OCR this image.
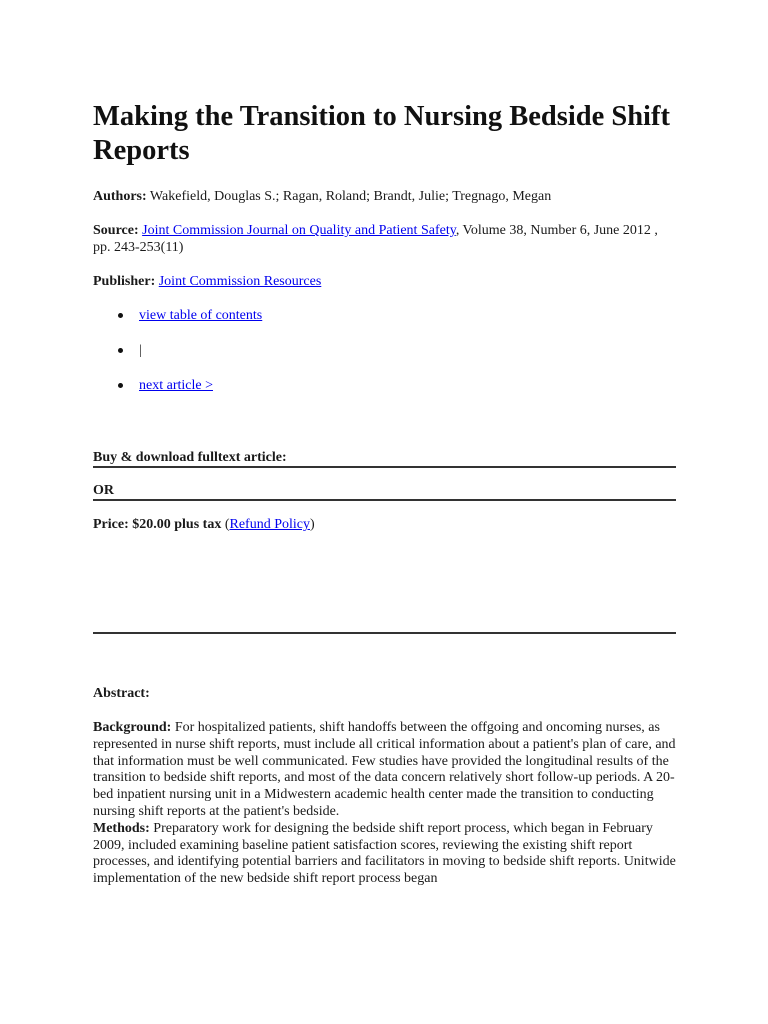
Making the Transition to Nursing Bedside Shift Reports

Authors: Wakefield, Douglas S.; Ragan, Roland; Brandt, Julie; Tregnago, Megan

Source: Joint Commission Journal on Quality and Patient Safety, Volume 38, Number 6, June 2012 , pp. 243-253(11)

Publisher: Joint Commission Resources

view table of contents
|
next article >
Buy & download fulltext article:
OR

Price: $20.00 plus tax (Refund Policy)

Abstract:

Background: For hospitalized patients, shift handoffs between the offgoing and oncoming nurses, as represented in nurse shift reports, must include all critical information about a patient's plan of care, and that information must be well communicated. Few studies have provided the longitudinal results of the transition to bedside shift reports, and most of the data concern relatively short follow-up periods. A 20-bed inpatient nursing unit in a Midwestern academic health center made the transition to conducting nursing shift reports at the patient's bedside.

Methods: Preparatory work for designing the bedside shift report process, which began in February 2009, included examining baseline patient satisfaction scores, reviewing the existing shift report processes, and identifying potential barriers and facilitators in moving to bedside shift reports. Unitwide implementation of the new bedside shift report process began
